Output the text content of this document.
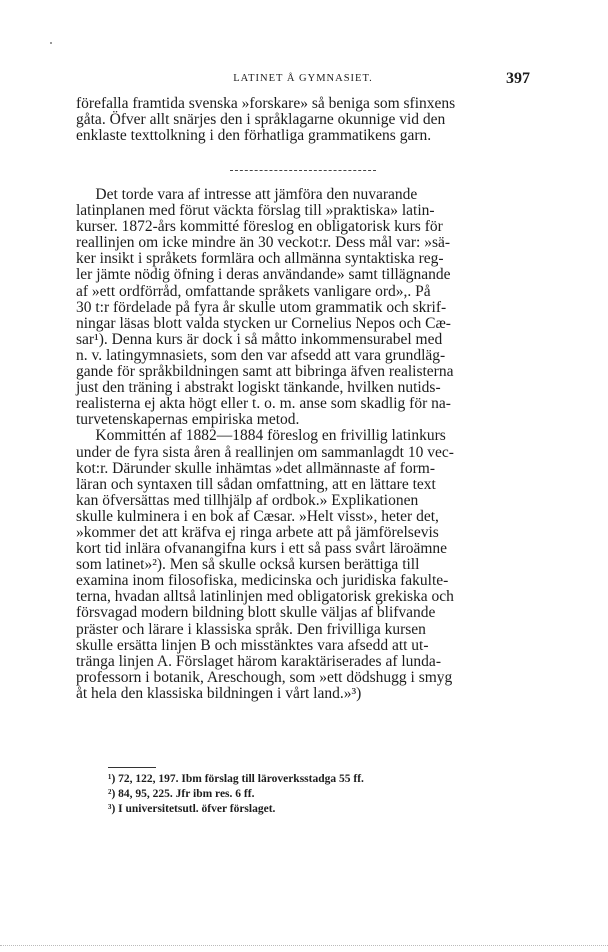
LATINET Å GYMNASIET.	397
förefalla framtida svenska »forskare» så beniga som sfinxens
gåta. Öfver allt snärjes den i språklagarne okunnige vid den
enklaste texttolkning i den förhatliga grammatikens garn.
Det torde vara af intresse att jämföra den nuvarande
latinplanen med förut väckta förslag till »praktiska» latin-
kurser. 1872-års kommitté föreslog en obligatorisk kurs för
reallinjen om icke mindre än 30 veckot:r. Dess mål var: »sä-
ker insikt i språkets formlära och allmänna syntaktiska reg-
ler jämte nödig öfning i deras användande» samt tillägnande
af »ett ordförråd, omfattande språkets vanligare ord»,. På
30 t:r fördelade på fyra år skulle utom grammatik och skrif-
ningar läsas blott valda stycken ur Cornelius Nepos och Cæ-
sar¹). Denna kurs är dock i så måtto inkommensurabel med
n. v. latingymnasiets, som den var afsedd att vara grundläg-
gande för språkbildningen samt att bibringa äfven realisterna
just den träning i abstrakt logiskt tänkande, hvilken nutids-
realisterna ej akta högt eller t. o. m. anse som skadlig för na-
turvetenskapernas empiriska metod.
Kommittén af 1882—1884 föreslog en frivillig latinkurs
under de fyra sista åren å reallinjen om sammanlagdt 10 vec-
kot:r. Därunder skulle inhämtas »det allmännaste af form-
läran och syntaxen till sådan omfattning, att en lättare text
kan öfversättas med tillhjälp af ordbok.» Explikationen
skulle kulminera i en bok af Cæsar. »Helt visst», heter det,
»kommer det att kräfva ej ringa arbete att på jämförelsevis
kort tid inlära ofvanangifna kurs i ett så pass svårt läroämne
som latinet»²). Men så skulle också kursen berättiga till
examina inom filosofiska, medicinska och juridiska fakulte-
terna, hvadan alltså latinlinjen med obligatorisk grekiska och
försvagad modern bildning blott skulle väljas af blifvande
präster och lärare i klassiska språk. Den frivilliga kursen
skulle ersätta linjen B och misstänktes vara afsedd att ut-
tränga linjen A. Förslaget härom karaktäriserades af lunda-
professorn i botanik, Areschough, som »ett dödshugg i smyg
åt hela den klassiska bildningen i vårt land.»³)
¹) 72, 122, 197. Ibm förslag till läroverksstadga 55 ff.
²) 84, 95, 225. Jfr ibm res. 6 ff.
³) I universitetsutl. öfver förslaget.
